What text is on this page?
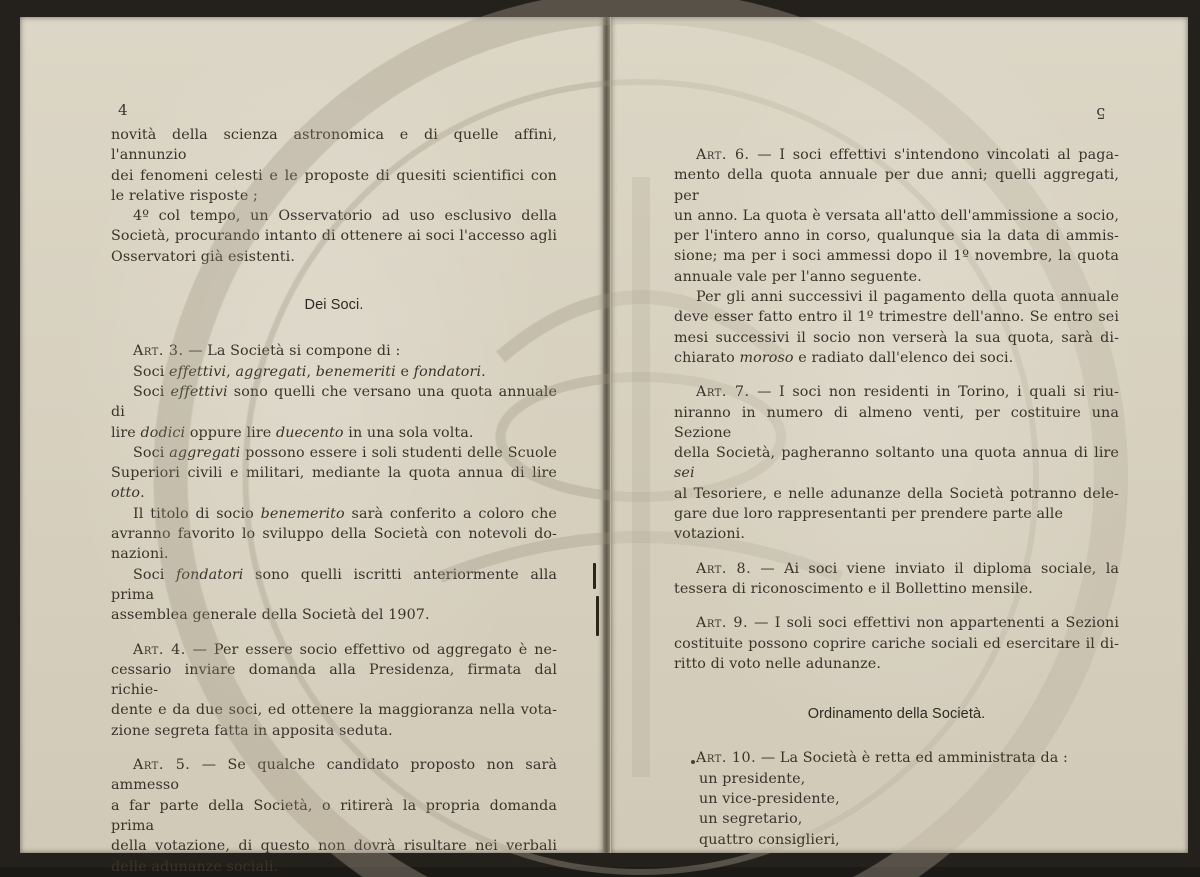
4

novità della scienza astronomica e di quelle affini, l'annunzio

dei fenomeni celesti e le proposte di quesiti scientifici con

le relative risposte ;

4º col tempo, un Osservatorio ad uso esclusivo della

Società, procurando intanto di ottenere ai soci l'accesso agli

Osservatori già esistenti.

Dei Soci.

Art. 3. — La Società si compone di :

Soci effettivi, aggregati, benemeriti e fondatori.

Soci effettivi sono quelli che versano una quota annuale di

lire dodici oppure lire duecento in una sola volta.

Soci aggregati possono essere i soli studenti delle Scuole

Superiori civili e militari, mediante la quota annua di lire otto.

Il titolo di socio benemerito sarà conferito a coloro che

avranno favorito lo sviluppo della Società con notevoli do-

nazioni.

Soci fondatori sono quelli iscritti anteriormente alla prima

assemblea generale della Società del 1907.

Art. 4. — Per essere socio effettivo od aggregato è ne-

cessario inviare domanda alla Presidenza, firmata dal richie-

dente e da due soci, ed ottenere la maggioranza nella vota-

zione segreta fatta in apposita seduta.

Art. 5. — Se qualche candidato proposto non sarà ammesso

a far parte della Società, o ritirerà la propria domanda prima

della votazione, di questo non dovrà risultare nei verbali

delle adunanze sociali.

5

Art. 6. — I soci effettivi s'intendono vincolati al paga-

mento della quota annuale per due anni; quelli aggregati, per

un anno. La quota è versata all'atto dell'ammissione a socio,

per l'intero anno in corso, qualunque sia la data di ammis-

sione; ma per i soci ammessi dopo il 1º novembre, la quota

annuale vale per l'anno seguente.

Per gli anni successivi il pagamento della quota annuale

deve esser fatto entro il 1º trimestre dell'anno. Se entro sei

mesi successivi il socio non verserà la sua quota, sarà di-

chiarato moroso e radiato dall'elenco dei soci.

Art. 7. — I soci non residenti in Torino, i quali si riu-

niranno in numero di almeno venti, per costituire una Sezione

della Società, pagheranno soltanto una quota annua di lire sei

al Tesoriere, e nelle adunanze della Società potranno dele-

gare due loro rappresentanti per prendere parte alle votazioni.

Art. 8. — Ai soci viene inviato il diploma sociale, la

tessera di riconoscimento e il Bollettino mensile.

Art. 9. — I soli soci effettivi non appartenenti a Sezioni

costituite possono coprire cariche sociali ed esercitare il di-

ritto di voto nelle adunanze.

Ordinamento della Società.

Art. 10. — La Società è retta ed amministrata da :

un presidente,

un vice-presidente,

un segretario,

quattro consiglieri,
